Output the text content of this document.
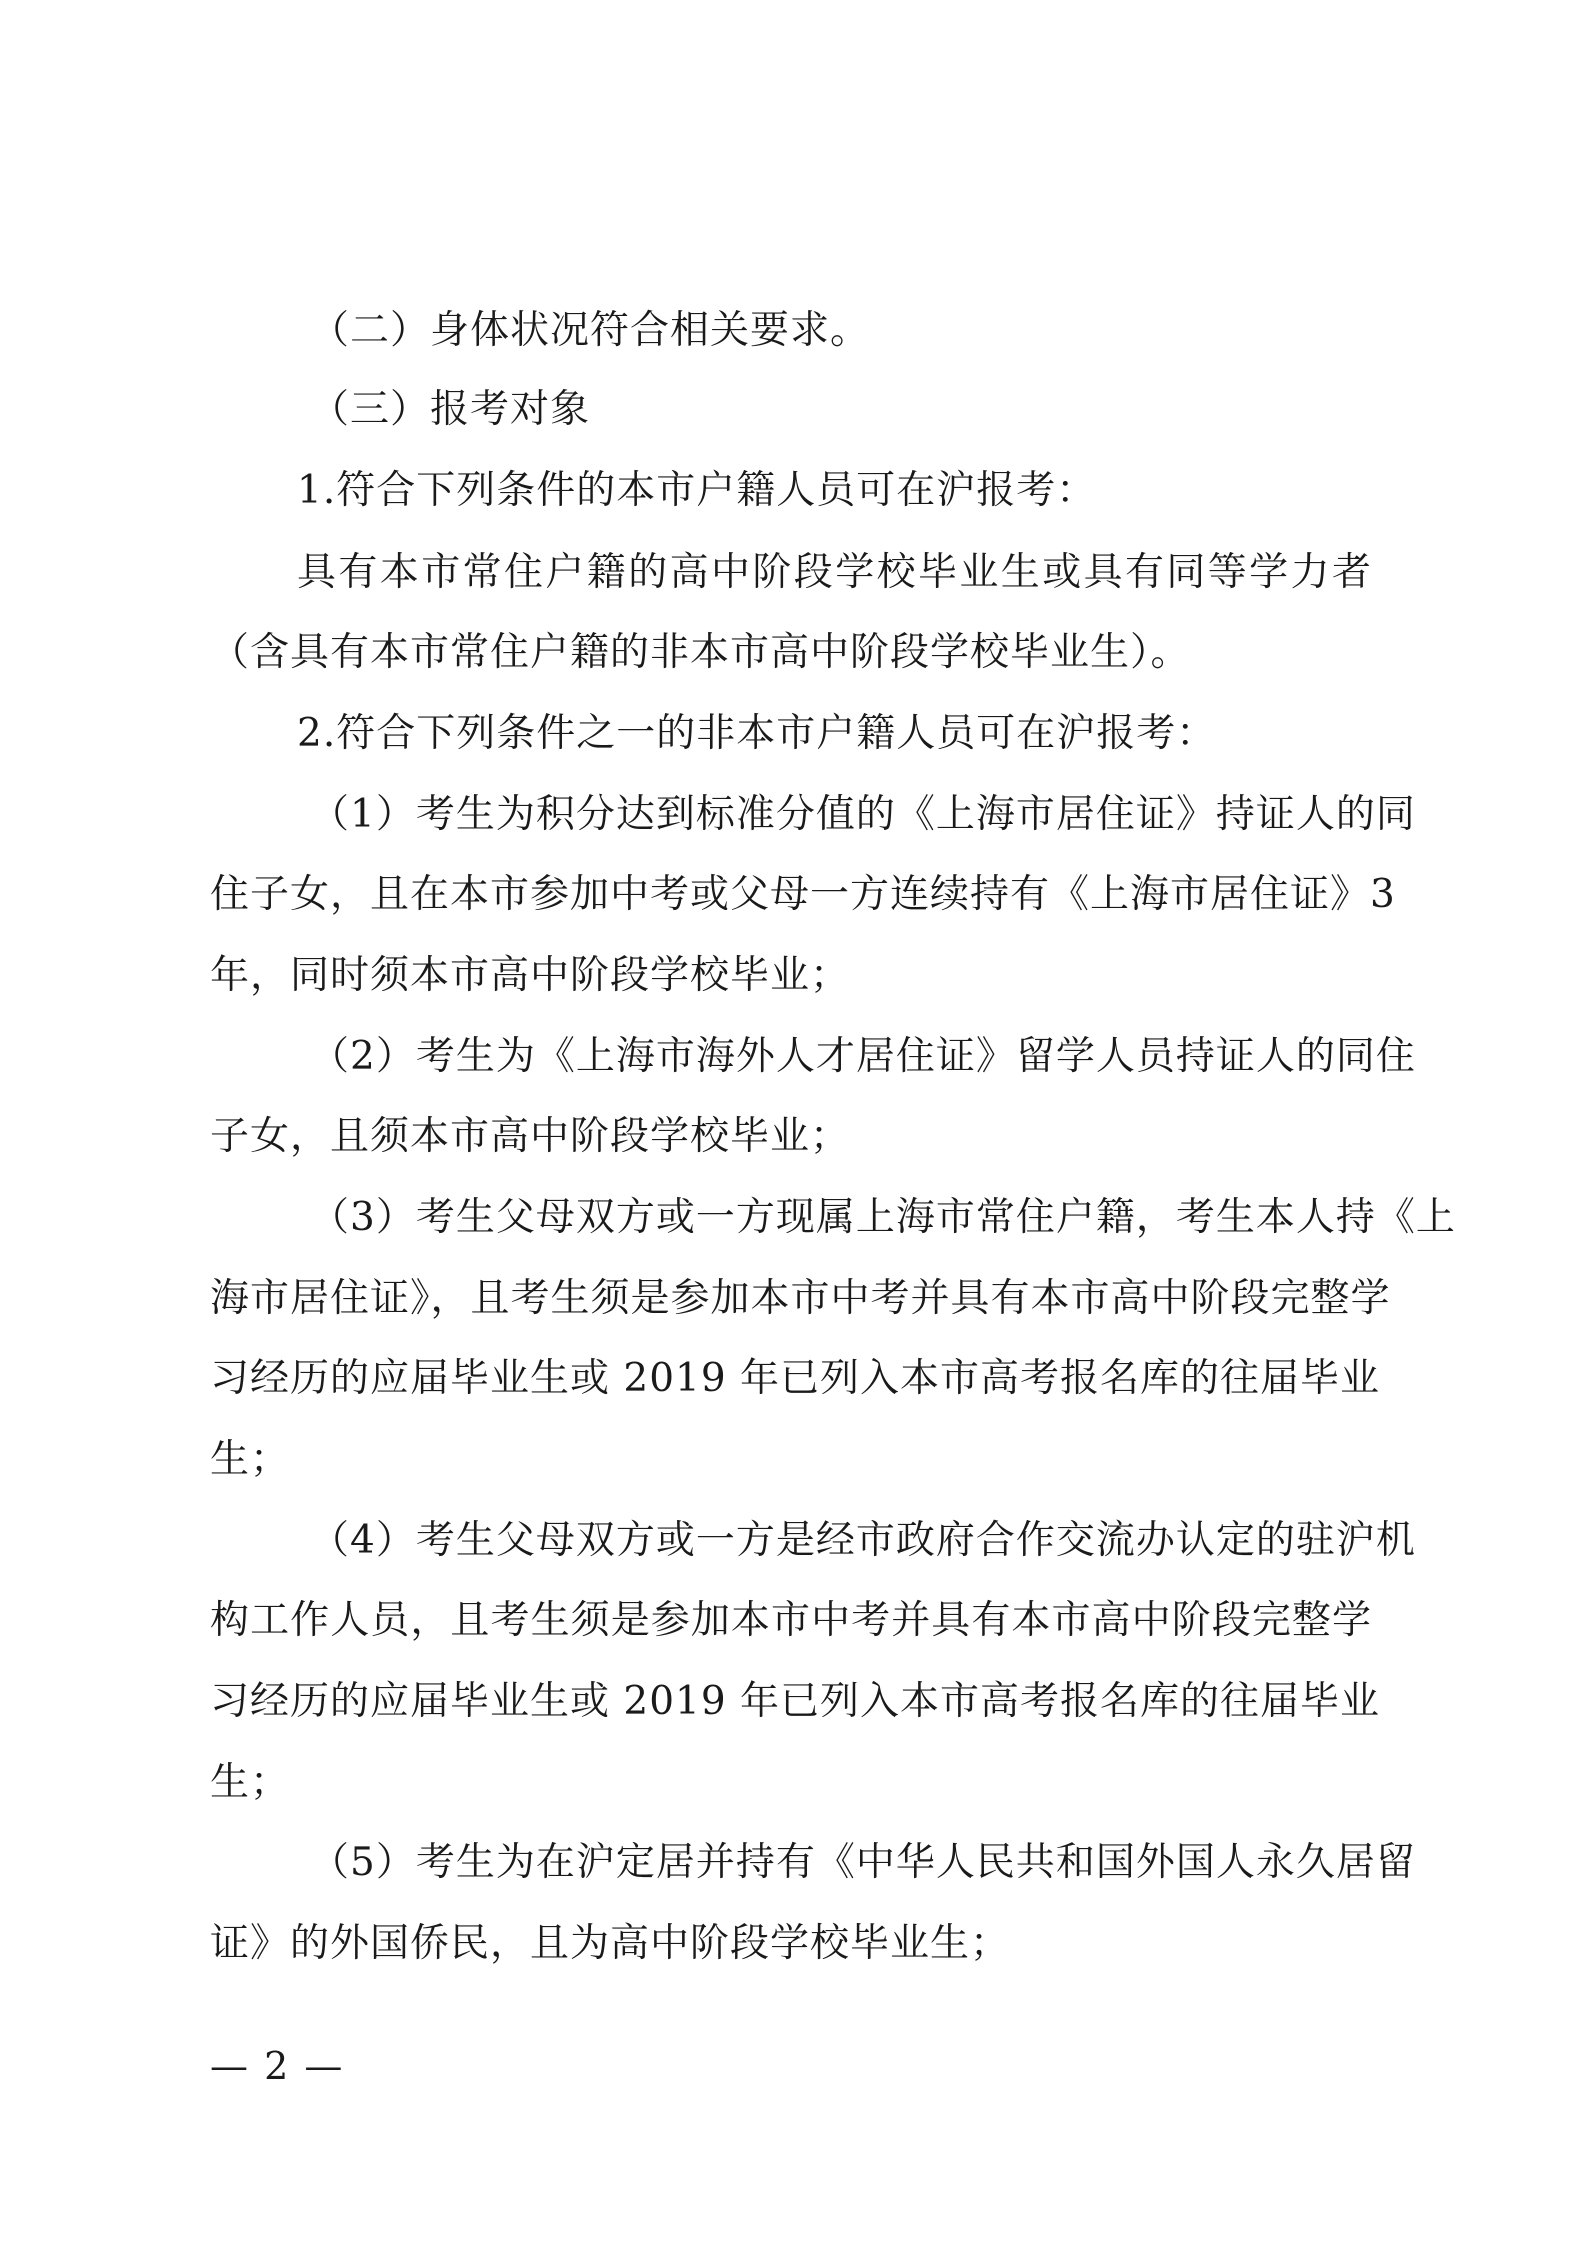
（二）身体状况符合相关要求。
（三）报考对象
1.符合下列条件的本市户籍人员可在沪报考：
具有本市常住户籍的高中阶段学校毕业生或具有同等学力者
（含具有本市常住户籍的非本市高中阶段学校毕业生）。
2.符合下列条件之一的非本市户籍人员可在沪报考：
（1）考生为积分达到标准分值的《上海市居住证》持证人的同
住子女，且在本市参加中考或父母一方连续持有《上海市居住证》3
年，同时须本市高中阶段学校毕业；
（2）考生为《上海市海外人才居住证》留学人员持证人的同住
子女，且须本市高中阶段学校毕业；
（3）考生父母双方或一方现属上海市常住户籍，考生本人持《上
海市居住证》，且考生须是参加本市中考并具有本市高中阶段完整学
习经历的应届毕业生或 2019 年已列入本市高考报名库的往届毕业
生；
（4）考生父母双方或一方是经市政府合作交流办认定的驻沪机
构工作人员，且考生须是参加本市中考并具有本市高中阶段完整学
习经历的应届毕业生或 2019 年已列入本市高考报名库的往届毕业
生；
（5）考生为在沪定居并持有《中华人民共和国外国人永久居留
证》的外国侨民，且为高中阶段学校毕业生；
— 2 —
